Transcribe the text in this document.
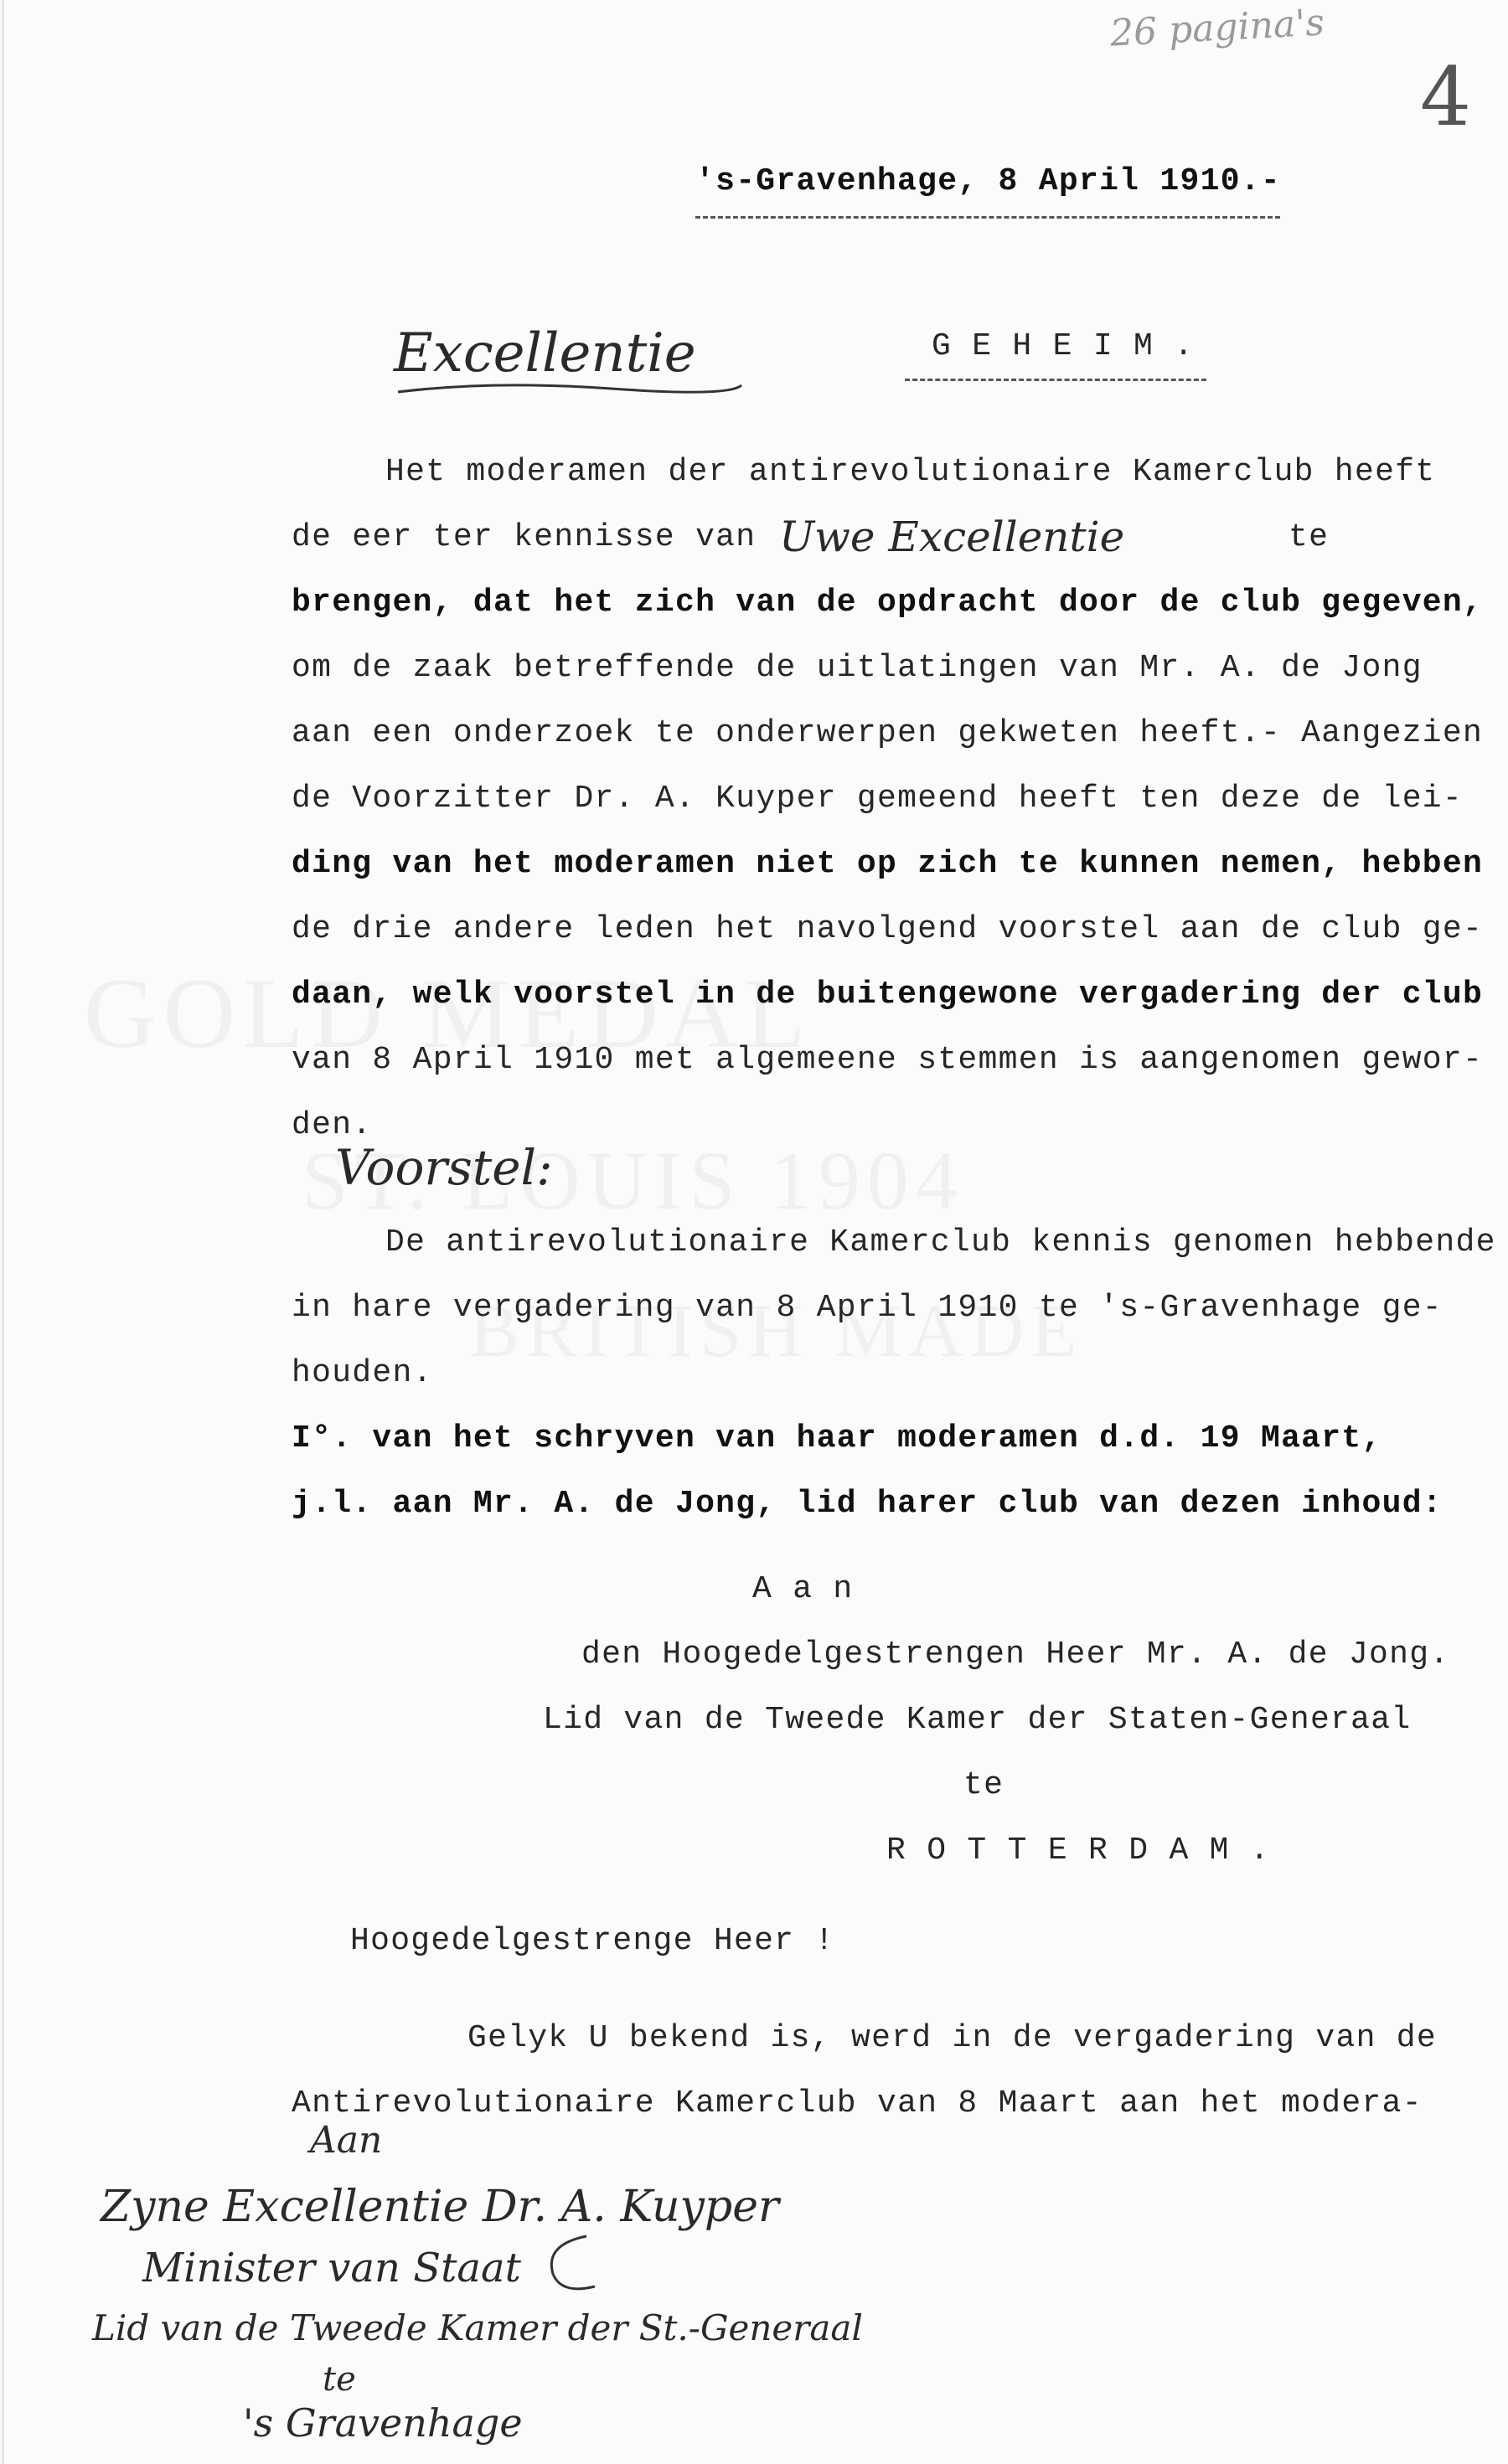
26 pagina's
4
's-Gravenhage, 8 April 1910.-
Excellentie	G E H E I M .
Het moderamen der antirevolutionaire Kamerclub heeft
de eer ter kennisse van Uwe Excellentie	te
brengen, dat het zich van de opdracht door de club gegeven,
om de zaak betreffende de uitlatingen van Mr. A. de Jong
aan een onderzoek te onderwerpen gekweten heeft.- Aangezien
de Voorzitter Dr. A. Kuyper gemeend heeft ten deze de lei-
ding van het moderamen niet op zich te kunnen nemen, hebben
de drie andere leden het navolgend voorstel aan de club ge-
daan, welk voorstel in de buitengewone vergadering der club
van 8 April 1910 met algemeene stemmen is aangenomen gewor-
den.
Voorstel:
De antirevolutionaire Kamerclub kennis genomen hebbende
in hare vergadering van 8 April 1910 te 's-Gravenhage ge-
houden.
I°. van het schryven van haar moderamen d.d. 19 Maart,
j.l. aan Mr. A. de Jong, lid harer club van dezen inhoud:
A a n
den Hoogedelgestrengen Heer Mr. A. de Jong.
Lid van de Tweede Kamer der Staten-Generaal
te
R O T T E R D A M .
Hoogedelgestrenge Heer !
Gelyk U bekend is, werd in de vergadering van de
Antirevolutionaire Kamerclub van 8 Maart aan het modera-
Aan
Zyne Excellentie Dr. A. Kuyper
Minister van Staat
Lid van de Tweede Kamer der St.-Generaal
te
's Gravenhage
